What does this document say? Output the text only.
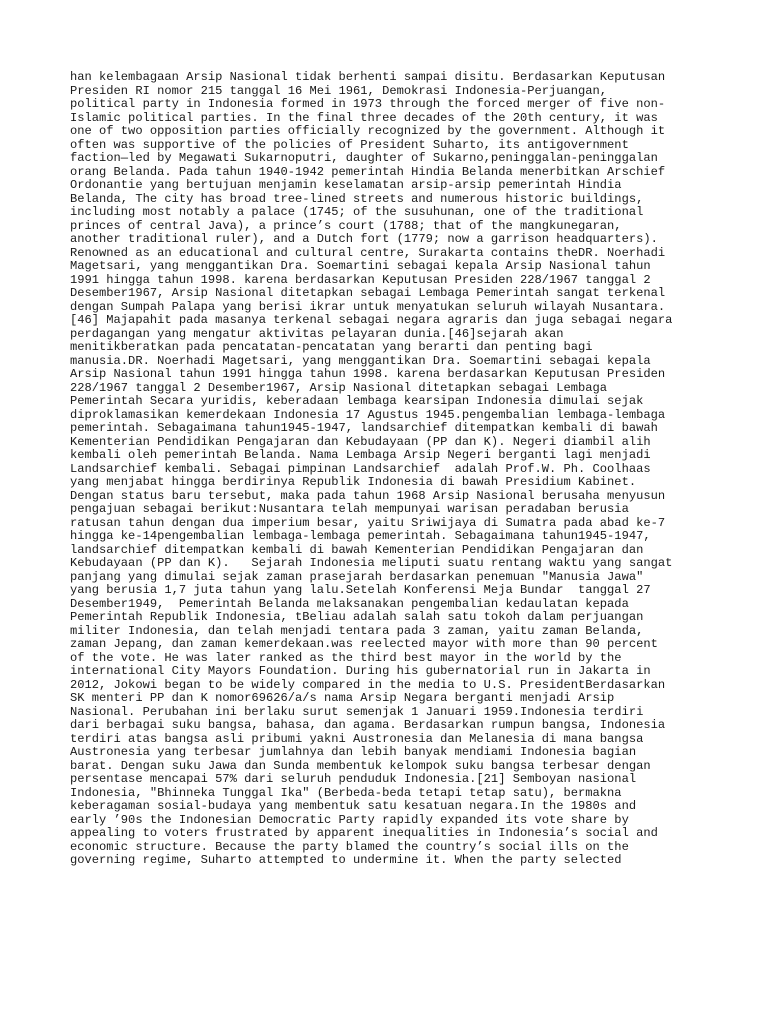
han kelembagaan Arsip Nasional tidak berhenti sampai disitu. Berdasarkan Keputusan
Presiden RI nomor 215 tanggal 16 Mei 1961, Demokrasi Indonesia-Perjuangan,
political party in Indonesia formed in 1973 through the forced merger of five non-
Islamic political parties. In the final three decades of the 20th century, it was
one of two opposition parties officially recognized by the government. Although it
often was supportive of the policies of President Suharto, its antigovernment
faction—led by Megawati Sukarnoputri, daughter of Sukarno,peninggalan-peninggalan
orang Belanda. Pada tahun 1940-1942 pemerintah Hindia Belanda menerbitkan Arschief
Ordonantie yang bertujuan menjamin keselamatan arsip-arsip pemerintah Hindia
Belanda, The city has broad tree-lined streets and numerous historic buildings,
including most notably a palace (1745; of the susuhunan, one of the traditional
princes of central Java), a prince’s court (1788; that of the mangkunegaran,
another traditional ruler), and a Dutch fort (1779; now a garrison headquarters).
Renowned as an educational and cultural centre, Surakarta contains theDR. Noerhadi
Magetsari, yang menggantikan Dra. Soemartini sebagai kepala Arsip Nasional tahun
1991 hingga tahun 1998. karena berdasarkan Keputusan Presiden 228/1967 tanggal 2
Desember1967, Arsip Nasional ditetapkan sebagai Lembaga Pemerintah sangat terkenal
dengan Sumpah Palapa yang berisi ikrar untuk menyatukan seluruh wilayah Nusantara.
[46] Majapahit pada masanya terkenal sebagai negara agraris dan juga sebagai negara
perdagangan yang mengatur aktivitas pelayaran dunia.[46]sejarah akan
menitikberatkan pada pencatatan-pencatatan yang berarti dan penting bagi
manusia.DR. Noerhadi Magetsari, yang menggantikan Dra. Soemartini sebagai kepala
Arsip Nasional tahun 1991 hingga tahun 1998. karena berdasarkan Keputusan Presiden
228/1967 tanggal 2 Desember1967, Arsip Nasional ditetapkan sebagai Lembaga
Pemerintah Secara yuridis, keberadaan lembaga kearsipan Indonesia dimulai sejak
diproklamasikan kemerdekaan Indonesia 17 Agustus 1945.pengembalian lembaga-lembaga
pemerintah. Sebagaimana tahun1945-1947, landsarchief ditempatkan kembali di bawah
Kementerian Pendidikan Pengajaran dan Kebudayaan (PP dan K). Negeri diambil alih
kembali oleh pemerintah Belanda. Nama Lembaga Arsip Negeri berganti lagi menjadi
Landsarchief kembali. Sebagai pimpinan Landsarchief  adalah Prof.W. Ph. Coolhaas
yang menjabat hingga berdirinya Republik Indonesia di bawah Presidium Kabinet.
Dengan status baru tersebut, maka pada tahun 1968 Arsip Nasional berusaha menyusun
pengajuan sebagai berikut:Nusantara telah mempunyai warisan peradaban berusia
ratusan tahun dengan dua imperium besar, yaitu Sriwijaya di Sumatra pada abad ke-7
hingga ke-14pengembalian lembaga-lembaga pemerintah. Sebagaimana tahun1945-1947,
landsarchief ditempatkan kembali di bawah Kementerian Pendidikan Pengajaran dan
Kebudayaan (PP dan K).   Sejarah Indonesia meliputi suatu rentang waktu yang sangat
panjang yang dimulai sejak zaman prasejarah berdasarkan penemuan "Manusia Jawa"
yang berusia 1,7 juta tahun yang lalu.Setelah Konferensi Meja Bundar  tanggal 27
Desember1949,  Pemerintah Belanda melaksanakan pengembalian kedaulatan kepada
Pemerintah Republik Indonesia, tBeliau adalah salah satu tokoh dalam perjuangan
militer Indonesia, dan telah menjadi tentara pada 3 zaman, yaitu zaman Belanda,
zaman Jepang, dan zaman kemerdekaan.was reelected mayor with more than 90 percent
of the vote. He was later ranked as the third best mayor in the world by the
international City Mayors Foundation. During his gubernatorial run in Jakarta in
2012, Jokowi began to be widely compared in the media to U.S. PresidentBerdasarkan
SK menteri PP dan K nomor69626/a/s nama Arsip Negara berganti menjadi Arsip
Nasional. Perubahan ini berlaku surut semenjak 1 Januari 1959.Indonesia terdiri
dari berbagai suku bangsa, bahasa, dan agama. Berdasarkan rumpun bangsa, Indonesia
terdiri atas bangsa asli pribumi yakni Austronesia dan Melanesia di mana bangsa
Austronesia yang terbesar jumlahnya dan lebih banyak mendiami Indonesia bagian
barat. Dengan suku Jawa dan Sunda membentuk kelompok suku bangsa terbesar dengan
persentase mencapai 57% dari seluruh penduduk Indonesia.[21] Semboyan nasional
Indonesia, "Bhinneka Tunggal Ika" (Berbeda-beda tetapi tetap satu), bermakna
keberagaman sosial-budaya yang membentuk satu kesatuan negara.In the 1980s and
early ’90s the Indonesian Democratic Party rapidly expanded its vote share by
appealing to voters frustrated by apparent inequalities in Indonesia’s social and
economic structure. Because the party blamed the country’s social ills on the
governing regime, Suharto attempted to undermine it. When the party selected
